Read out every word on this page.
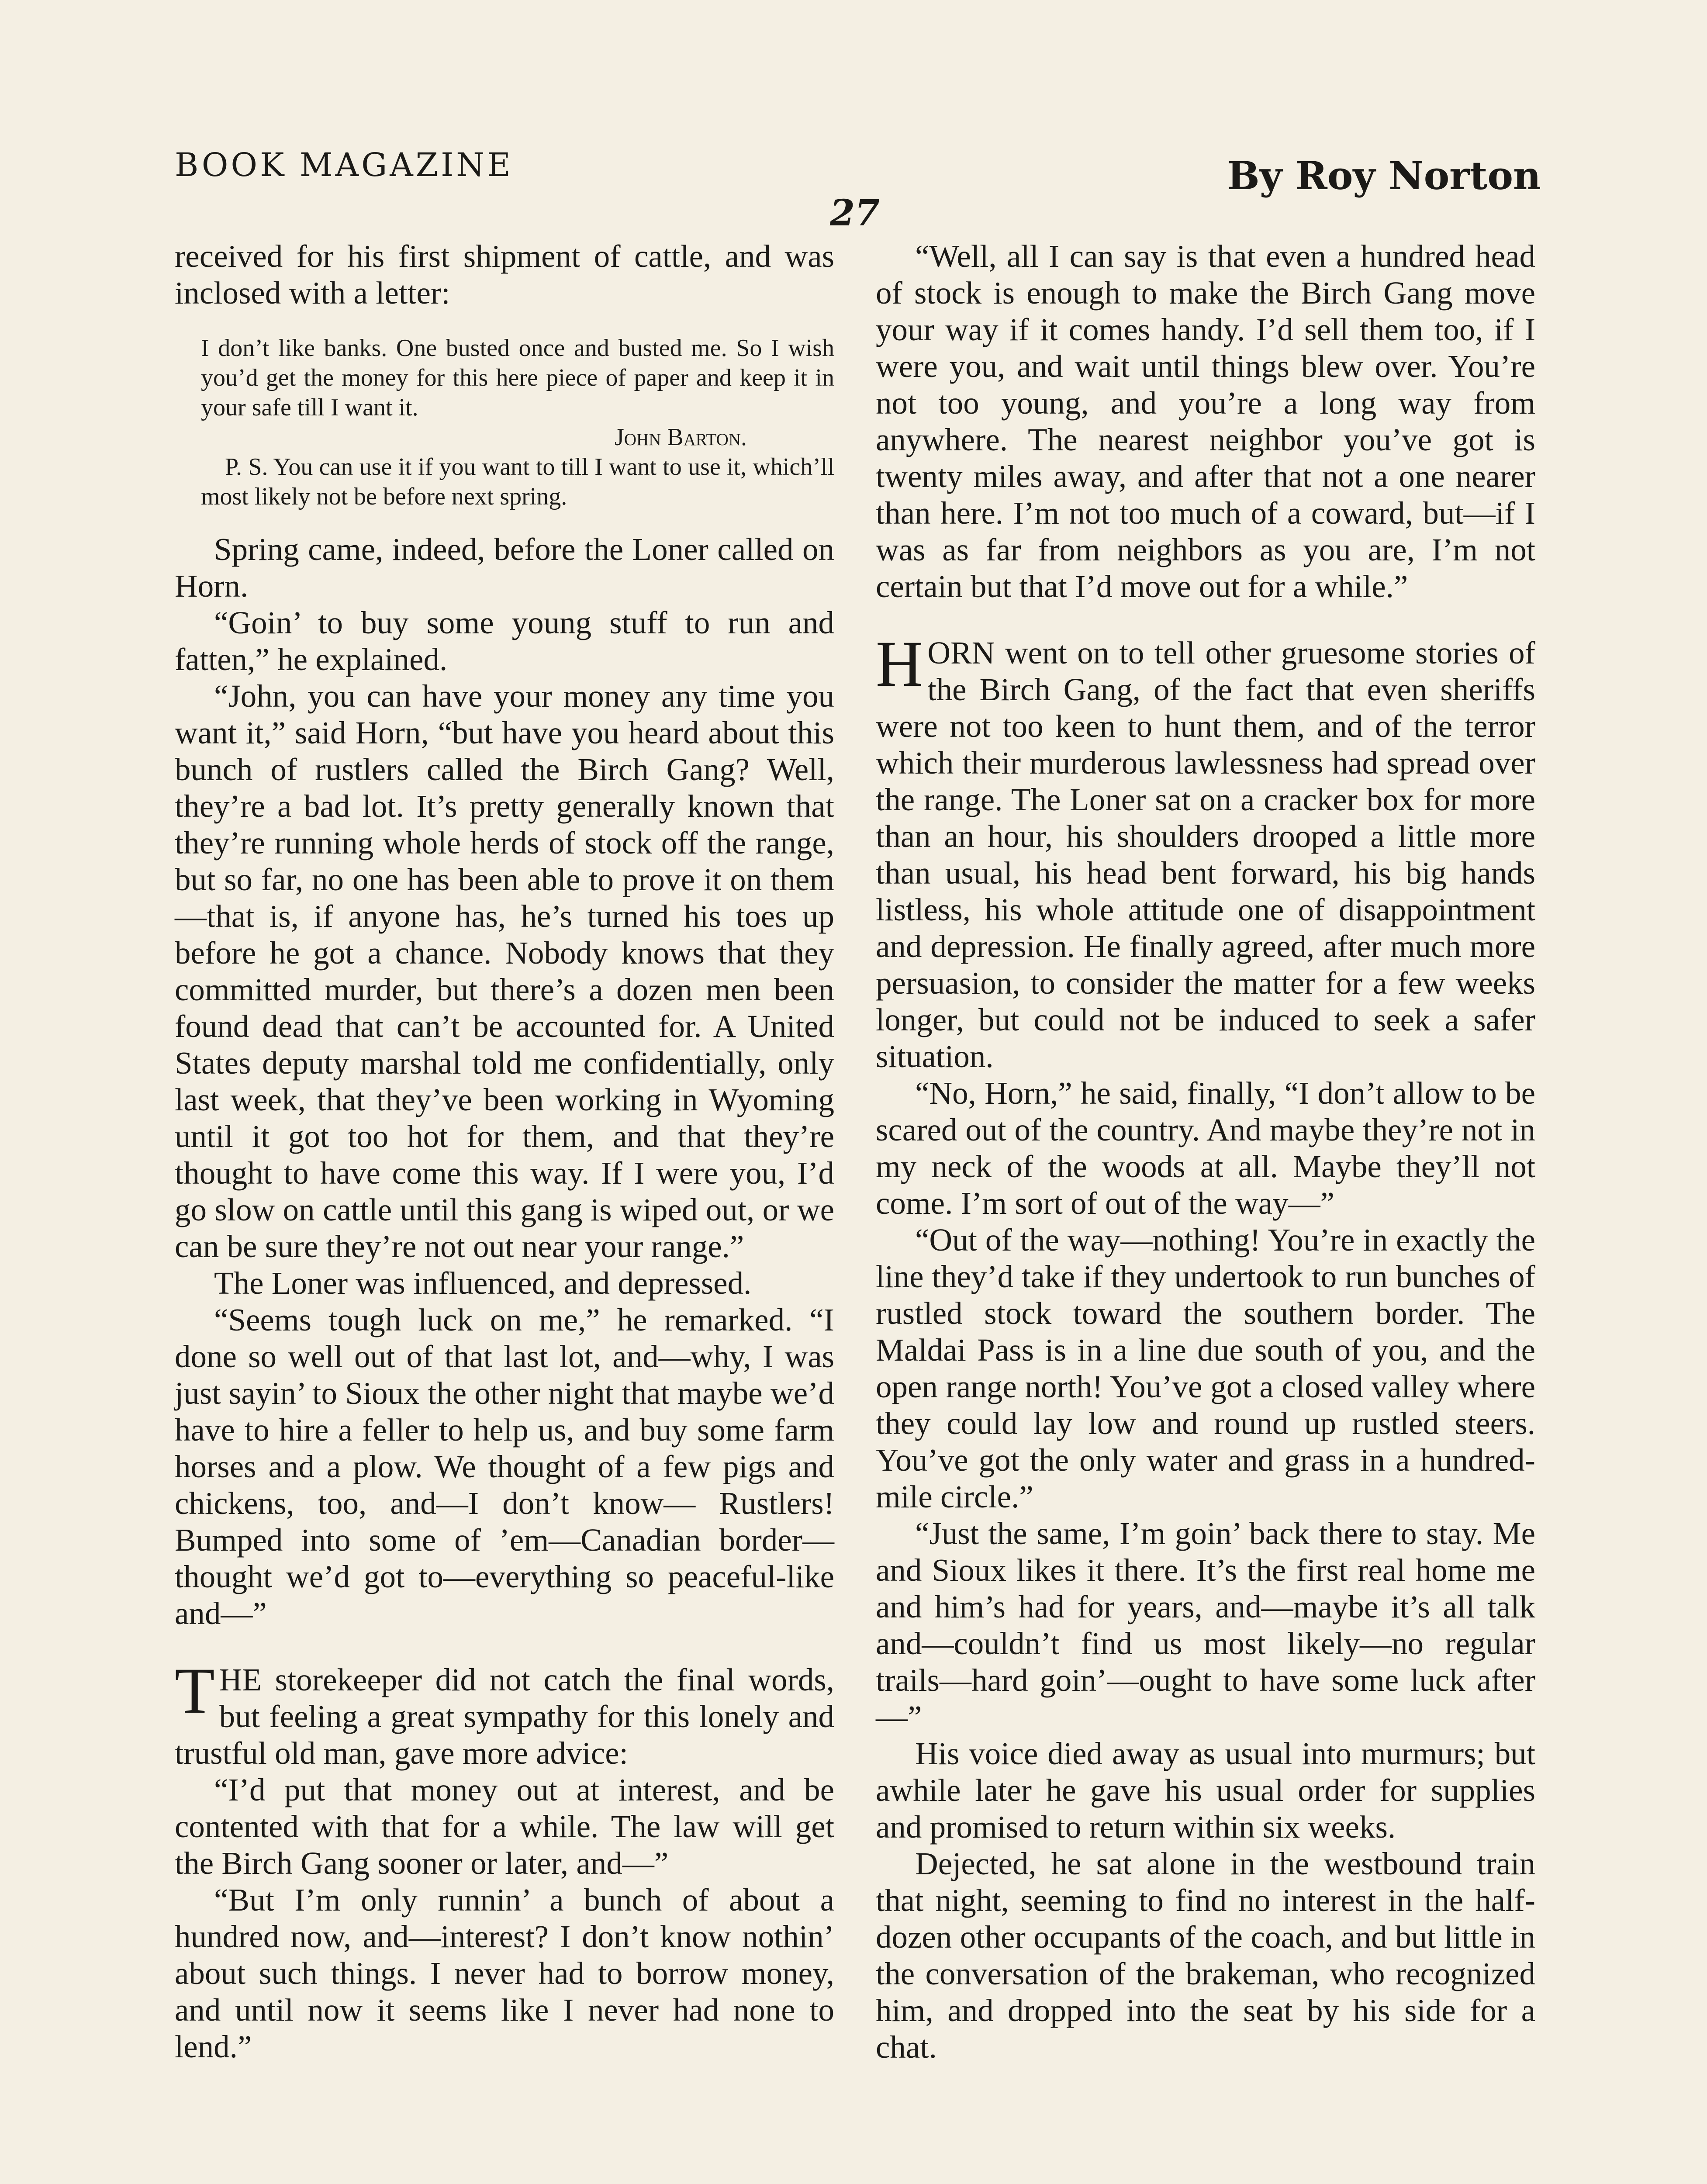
BOOK MAGAZINE	By Roy Norton
27

received for his first shipment of cattle, and was inclosed with a letter:

I don’t like banks. One busted once and busted me. So I wish you’d get the money for this here piece of paper and keep it in your safe till I want it.

John Barton.

P. S. You can use it if you want to till I want to use it, which’ll most likely not be before next spring.

Spring came, indeed, before the Loner called on Horn.

“Goin’ to buy some young stuff to run and fatten,” he explained.

“John, you can have your money any time you want it,” said Horn, “but have you heard about this bunch of rustlers called the Birch Gang? Well, they’re a bad lot. It’s pretty generally known that they’re running whole herds of stock off the range, but so far, no one has been able to prove it on them—that is, if anyone has, he’s turned his toes up before he got a chance. Nobody knows that they committed murder, but there’s a dozen men been found dead that can’t be accounted for. A United States deputy marshal told me confidentially, only last week, that they’ve been working in Wyoming until it got too hot for them, and that they’re thought to have come this way. If I were you, I’d go slow on cattle until this gang is wiped out, or we can be sure they’re not out near your range.”

The Loner was influenced, and depressed.

“Seems tough luck on me,” he remarked. “I done so well out of that last lot, and—why, I was just sayin’ to Sioux the other night that maybe we’d have to hire a feller to help us, and buy some farm horses and a plow. We thought of a few pigs and chickens, too, and—I don’t know— Rustlers! Bumped into some of ’em—Canadian border—thought we’d got to—everything so peaceful-like and—”

THE storekeeper did not catch the final words, but feeling a great sympathy for this lonely and trustful old man, gave more advice:

“I’d put that money out at interest, and be contented with that for a while. The law will get the Birch Gang sooner or later, and—”

“But I’m only runnin’ a bunch of about a hundred now, and—interest? I don’t know nothin’ about such things. I never had to borrow money, and until now it seems like I never had none to lend.”

“Well, all I can say is that even a hundred head of stock is enough to make the Birch Gang move your way if it comes handy. I’d sell them too, if I were you, and wait until things blew over. You’re not too young, and you’re a long way from anywhere. The nearest neighbor you’ve got is twenty miles away, and after that not a one nearer than here. I’m not too much of a coward, but—if I was as far from neighbors as you are, I’m not certain but that I’d move out for a while.”

HORN went on to tell other gruesome stories of the Birch Gang, of the fact that even sheriffs were not too keen to hunt them, and of the terror which their murderous lawlessness had spread over the range. The Loner sat on a cracker box for more than an hour, his shoulders drooped a little more than usual, his head bent forward, his big hands listless, his whole attitude one of disappointment and depression. He finally agreed, after much more persuasion, to consider the matter for a few weeks longer, but could not be induced to seek a safer situation.

“No, Horn,” he said, finally, “I don’t allow to be scared out of the country. And maybe they’re not in my neck of the woods at all. Maybe they’ll not come. I’m sort of out of the way—”

“Out of the way—nothing! You’re in exactly the line they’d take if they undertook to run bunches of rustled stock toward the southern border. The Maldai Pass is in a line due south of you, and the open range north! You’ve got a closed valley where they could lay low and round up rustled steers. You’ve got the only water and grass in a hundred-mile circle.”

“Just the same, I’m goin’ back there to stay. Me and Sioux likes it there. It’s the first real home me and him’s had for years, and—maybe it’s all talk and—couldn’t find us most likely—no regular trails—hard goin’—ought to have some luck after—”

His voice died away as usual into murmurs; but awhile later he gave his usual order for supplies and promised to return within six weeks.

Dejected, he sat alone in the westbound train that night, seeming to find no interest in the half-dozen other occupants of the coach, and but little in the conversation of the brakeman, who recognized him, and dropped into the seat by his side for a chat.
